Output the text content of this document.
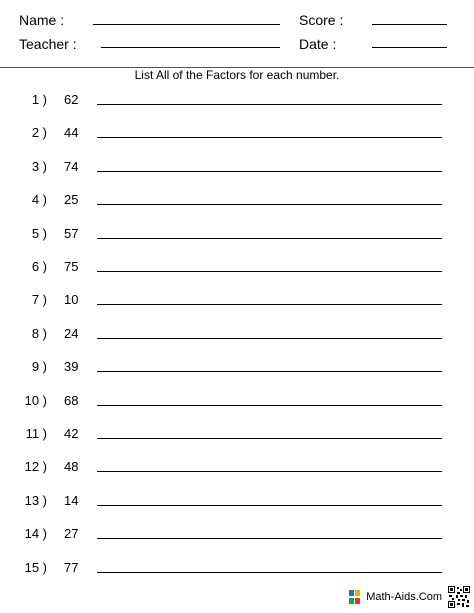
Name :	Score :
Teacher :	Date :
List All of the Factors for each number.
1 ) 62
2 ) 44
3 ) 74
4 ) 25
5 ) 57
6 ) 75
7 ) 10
8 ) 24
9 ) 39
10 ) 68
11 ) 42
12 ) 48
13 ) 14
14 ) 27
15 ) 77
Math-Aids.Com
